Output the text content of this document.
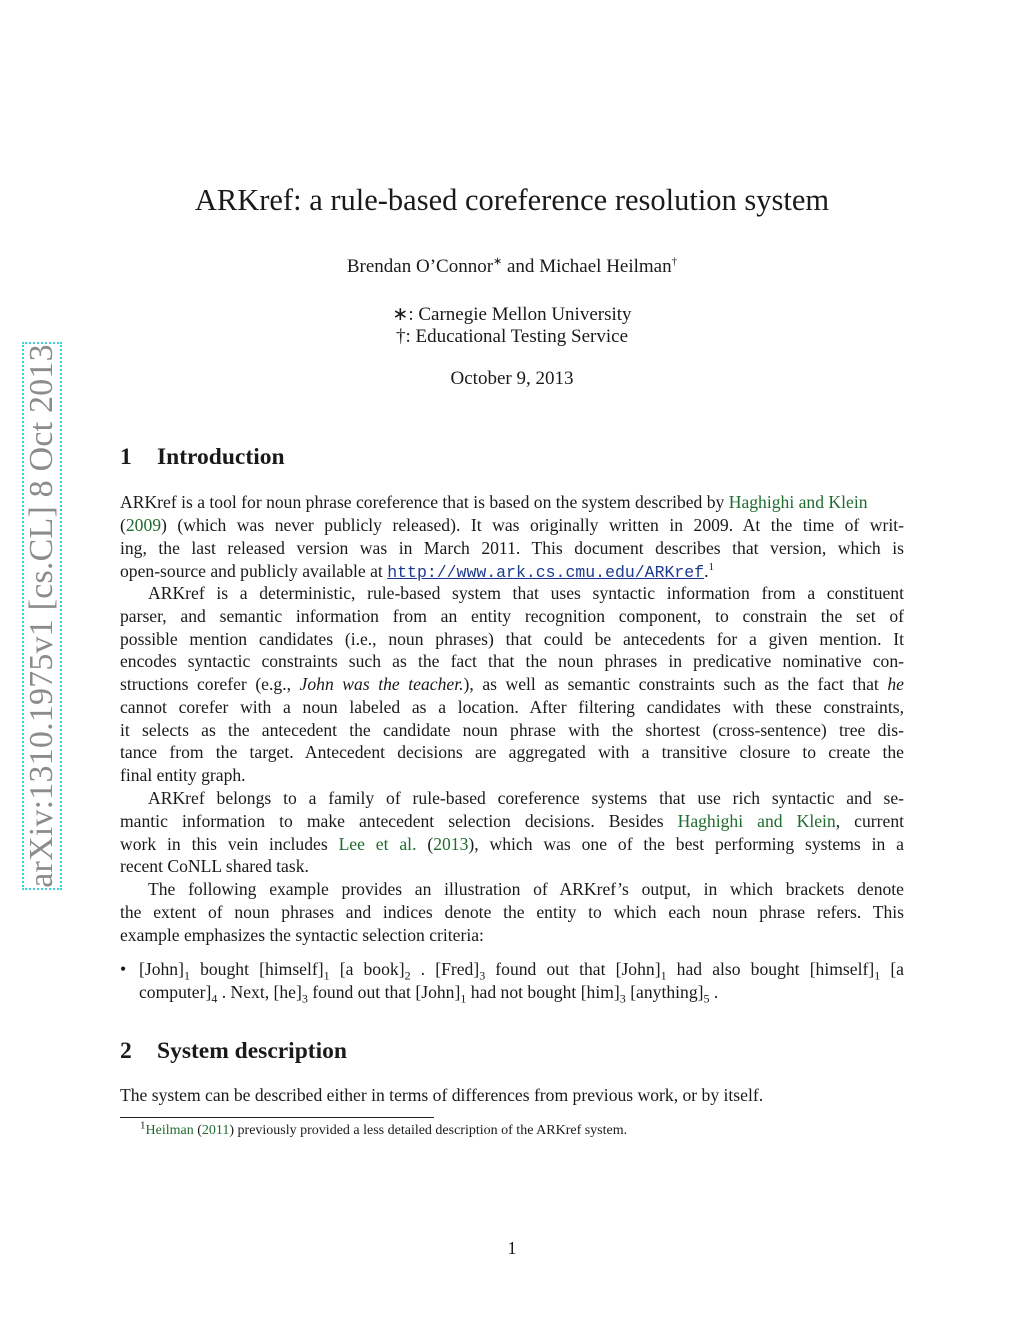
arXiv:1310.1975v1 [cs.CL] 8 Oct 2013
ARKref: a rule-based coreference resolution system
Brendan O’Connor∗ and Michael Heilman†
∗: Carnegie Mellon University
†: Educational Testing Service
October 9, 2013
1 Introduction
ARKref is a tool for noun phrase coreference that is based on the system described by Haghighi and Klein
(2009) (which was never publicly released). It was originally written in 2009. At the time of writ-
ing, the last released version was in March 2011. This document describes that version, which is
open-source and publicly available at http://www.ark.cs.cmu.edu/ARKref.$^1$
ARKref is a deterministic, rule-based system that uses syntactic information from a constituent
parser, and semantic information from an entity recognition component, to constrain the set of
possible mention candidates (i.e., noun phrases) that could be antecedents for a given mention. It
encodes syntactic constraints such as the fact that the noun phrases in predicative nominative con-
structions corefer (e.g., John was the teacher.), as well as semantic constraints such as the fact that he
cannot corefer with a noun labeled as a location. After filtering candidates with these constraints,
it selects as the antecedent the candidate noun phrase with the shortest (cross-sentence) tree dis-
tance from the target. Antecedent decisions are aggregated with a transitive closure to create the
final entity graph.
ARKref belongs to a family of rule-based coreference systems that use rich syntactic and se-
mantic information to make antecedent selection decisions. Besides Haghighi and Klein, current
work in this vein includes Lee et al. (2013), which was one of the best performing systems in a
recent CoNLL shared task.
The following example provides an illustration of ARKref’s output, in which brackets denote
the extent of noun phrases and indices denote the entity to which each noun phrase refers. This
example emphasizes the syntactic selection criteria:
• $[John]_1$ bought $[himself]_1$ [a $book]_2$ . $[Fred]_3$ found out that $[John]_1$ had also bought $[himself]_1$ [a
$computer]_4$ . Next, $[he]_3$ found out that $[John]_1$ had not bought $[him]_3$ $[anything]_5$ .
2 System description
The system can be described either in terms of differences from previous work, or by itself.
$^1$Heilman (2011) previously provided a less detailed description of the ARKref system.
1
